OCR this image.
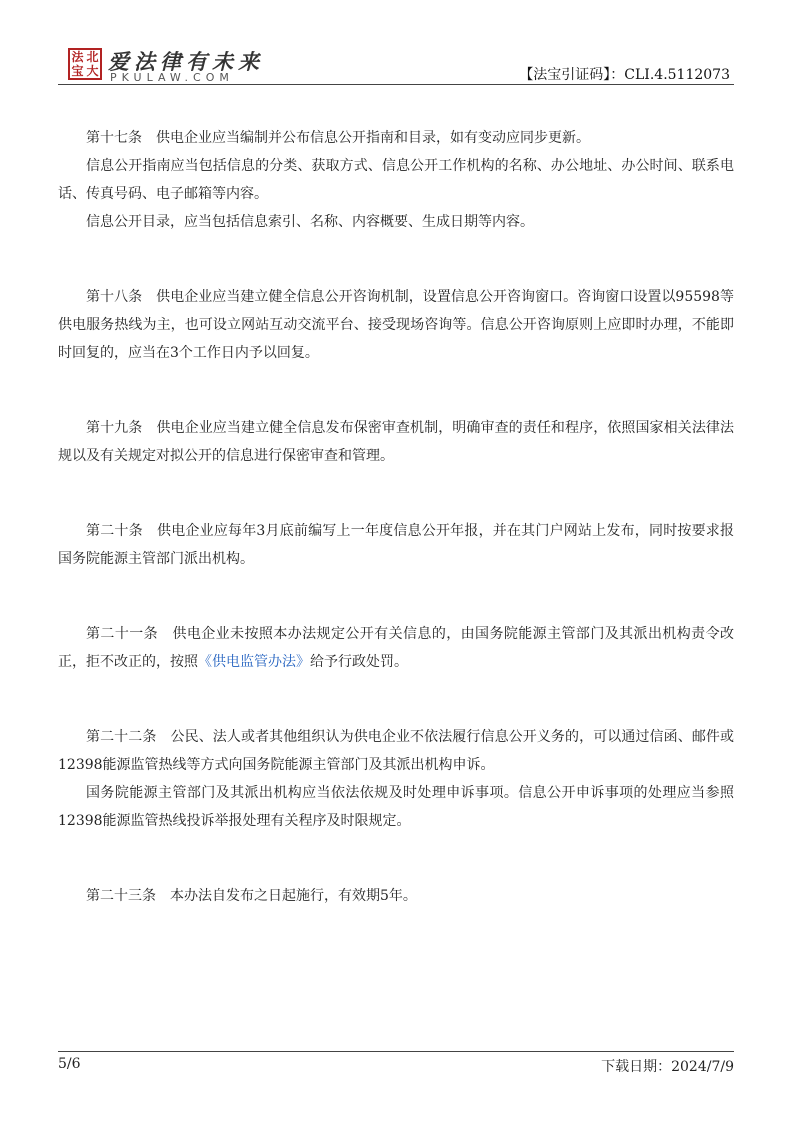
法 北
宝 大 爱法律有未来
PKULAW.COM	【法宝引证码】：CLI.4.5112073

第十七条　供电企业应当编制并公布信息公开指南和目录，如有变动应同步更新。

信息公开指南应当包括信息的分类、获取方式、信息公开工作机构的名称、办公地址、办公时间、联系电话、传真号码、电子邮箱等内容。

信息公开目录，应当包括信息索引、名称、内容概要、生成日期等内容。

第十八条　供电企业应当建立健全信息公开咨询机制，设置信息公开咨询窗口。咨询窗口设置以95598等供电服务热线为主，也可设立网站互动交流平台、接受现场咨询等。信息公开咨询原则上应即时办理，不能即时回复的，应当在3个工作日内予以回复。

第十九条　供电企业应当建立健全信息发布保密审查机制，明确审查的责任和程序，依照国家相关法律法规以及有关规定对拟公开的信息进行保密审查和管理。

第二十条　供电企业应每年3月底前编写上一年度信息公开年报，并在其门户网站上发布，同时按要求报国务院能源主管部门派出机构。

第二十一条　供电企业未按照本办法规定公开有关信息的，由国务院能源主管部门及其派出机构责令改正，拒不改正的，按照《供电监管办法》给予行政处罚。

第二十二条　公民、法人或者其他组织认为供电企业不依法履行信息公开义务的，可以通过信函、邮件或12398能源监管热线等方式向国务院能源主管部门及其派出机构申诉。

国务院能源主管部门及其派出机构应当依法依规及时处理申诉事项。信息公开申诉事项的处理应当参照12398能源监管热线投诉举报处理有关程序及时限规定。

第二十三条　本办法自发布之日起施行，有效期5年。

5/6	下载日期：2024/7/9
